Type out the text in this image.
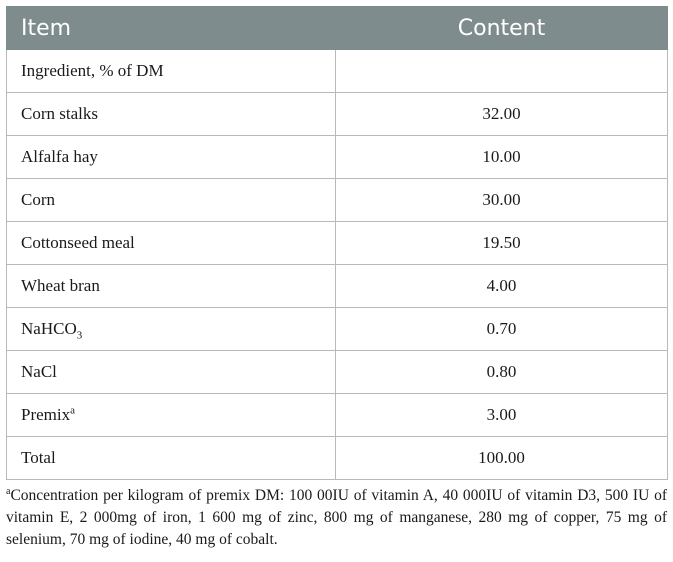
Item	Content
Ingredient, % of DM	
Corn stalks	32.00
Alfalfa hay	10.00
Corn	30.00
Cottonseed meal	19.50
Wheat bran	4.00
NaHCO$_3$	0.70
NaCl	0.80
Premix$^a$	3.00
Total	100.00
$^a$Concentration per kilogram of premix DM: 100 00IU of vitamin A, 40 000IU of vitamin D3, 500 IU of vitamin E, 2 000mg of iron, 1 600 mg of zinc, 800 mg of manganese, 280 mg of copper, 75 mg of selenium, 70 mg of iodine, 40 mg of cobalt.
